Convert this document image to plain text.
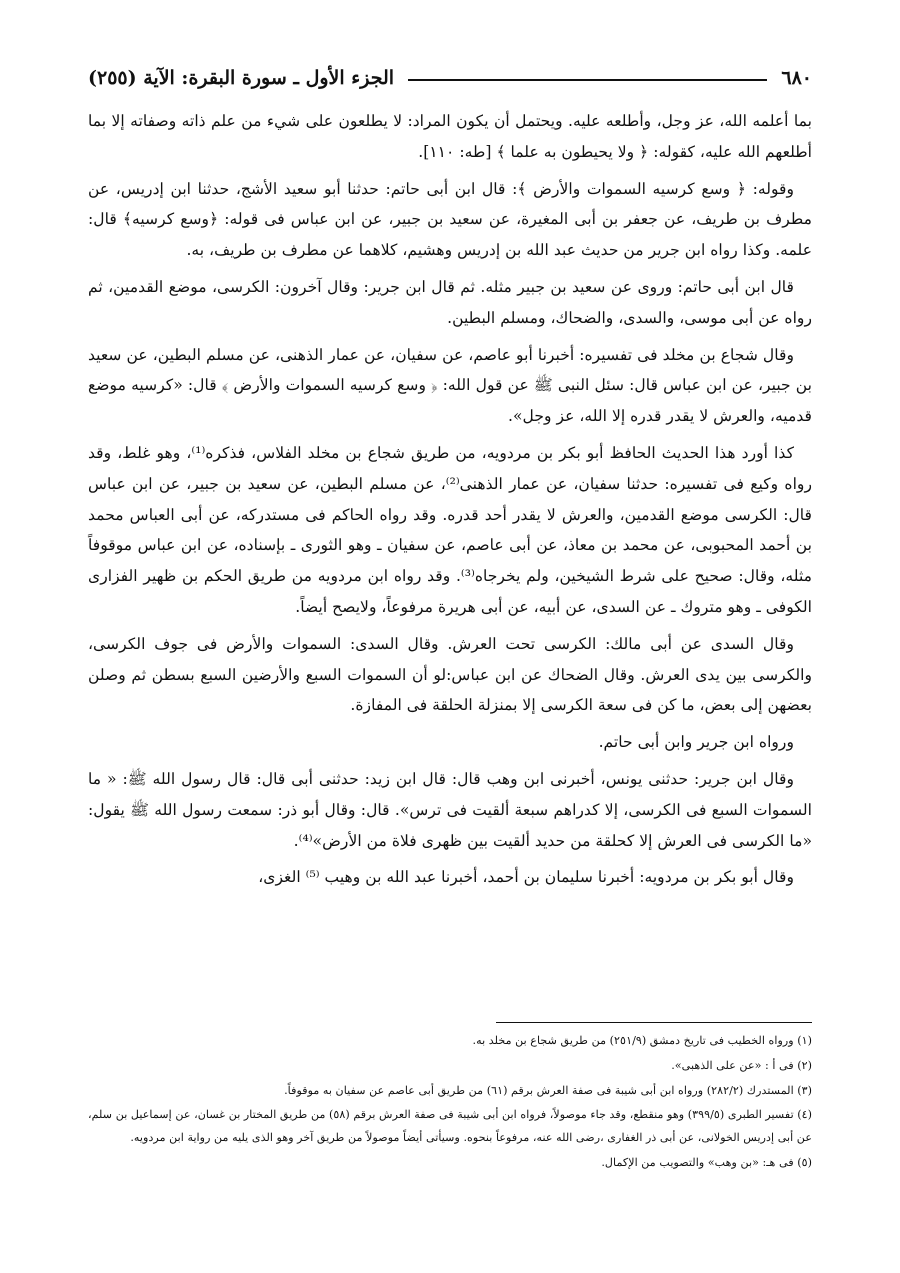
٦٨٠
الجزء الأول ـ سورة البقرة: الآية (٢٥٥)

بما أعلمه الله، عز وجل، وأطلعه عليه. ويحتمل أن يكون المراد: لا يطلعون على شيء من علم ذاته وصفاته إلا بما أطلعهم الله عليه، كقوله: ﴿ ولا يحيطون به علما ﴾ [طه: ١١٠].

وقوله: ﴿ وسع كرسيه السموات والأرض ﴾: قال ابن أبى حاتم: حدثنا أبو سعيد الأشج، حدثنا ابن إدريس، عن مطرف بن طريف، عن جعفر بن أبى المغيرة، عن سعيد بن جبير، عن ابن عباس فى قوله: ﴿وسع كرسيه﴾ قال: علمه. وكذا رواه ابن جرير من حديث عبد الله بن إدريس وهشيم، كلاهما عن مطرف بن طريف، به.

قال ابن أبى حاتم: وروى عن سعيد بن جبير مثله. ثم قال ابن جرير: وقال آخرون: الكرسى، موضع القدمين، ثم رواه عن أبى موسى، والسدى، والضحاك، ومسلم البطين.

وقال شجاع بن مخلد فى تفسيره: أخبرنا أبو عاصم، عن سفيان، عن عمار الذهنى، عن مسلم البطين، عن سعيد بن جبير، عن ابن عباس قال: سئل النبى ﷺ عن قول الله: ﴿ وسع كرسيه السموات والأرض ﴾ قال: «كرسيه موضع قدميه، والعرش لا يقدر قدره إلا الله، عز وجل».

كذا أورد هذا الحديث الحافظ أبو بكر بن مردويه، من طريق شجاع بن مخلد الفلاس، فذكره⁽¹⁾، وهو غلط، وقد رواه وكيع فى تفسيره: حدثنا سفيان، عن عمار الذهنى⁽²⁾، عن مسلم البطين، عن سعيد بن جبير، عن ابن عباس قال: الكرسى موضع القدمين، والعرش لا يقدر أحد قدره. وقد رواه الحاكم فى مستدركه، عن أبى العباس محمد بن أحمد المحبوبى، عن محمد بن معاذ، عن أبى عاصم، عن سفيان ـ وهو الثورى ـ بإسناده، عن ابن عباس موقوفاً مثله، وقال: صحيح على شرط الشيخين، ولم يخرجاه⁽³⁾. وقد رواه ابن مردويه من طريق الحكم بن ظهير الفزارى الكوفى ـ وهو متروك ـ عن السدى، عن أبيه، عن أبى هريرة مرفوعاً، ولايصح أيضاً.

وقال السدى عن أبى مالك: الكرسى تحت العرش. وقال السدى: السموات والأرض فى جوف الكرسى، والكرسى بين يدى العرش. وقال الضحاك عن ابن عباس:لو أن السموات السبع والأرضين السبع بسطن ثم وصلن بعضهن إلى بعض، ما كن فى سعة الكرسى إلا بمنزلة الحلقة فى المفازة.

ورواه ابن جرير وابن أبى حاتم.

وقال ابن جرير: حدثنى يونس، أخبرنى ابن وهب قال: قال ابن زيد: حدثنى أبى قال: قال رسول الله ﷺ: « ما السموات السبع فى الكرسى، إلا كدراهم سبعة ألقيت فى ترس». قال: وقال أبو ذر: سمعت رسول الله ﷺ يقول: «ما الكرسى فى العرش إلا كحلقة من حديد ألقيت بين ظهرى فلاة من الأرض»⁽⁴⁾.

وقال أبو بكر بن مردويه: أخبرنا سليمان بن أحمد، أخبرنا عبد الله بن وهيب ⁽⁵⁾ الغزى،

(١) ورواه الخطيب فى تاريخ دمشق (٢٥١/٩) من طريق شجاع بن مخلد به.
(٢) فى أ : «عن على الذهبى».
(٣) المستدرك (٢٨٢/٢) ورواه ابن أبى شيبة فى صفة العرش برقم (٦١) من طريق أبى عاصم عن سفيان به موقوفاً.
(٤) تفسير الطبرى (٣٩٩/٥) وهو منقطع، وقد جاء موصولاً، فرواه ابن أبى شيبة فى صفة العرش برقم (٥٨) من طريق المختار بن غسان، عن إسماعيل بن سلم، عن أبى إدريس الخولانى، عن أبى ذر الغفارى ،رضى الله عنه، مرفوعاً بنحوه. وسيأتى أيضاً موصولاً من طريق آخر وهو الذى يليه من رواية ابن مردويه.
(٥) فى هـ: «بن وهب» والتصويب من الإكمال.
